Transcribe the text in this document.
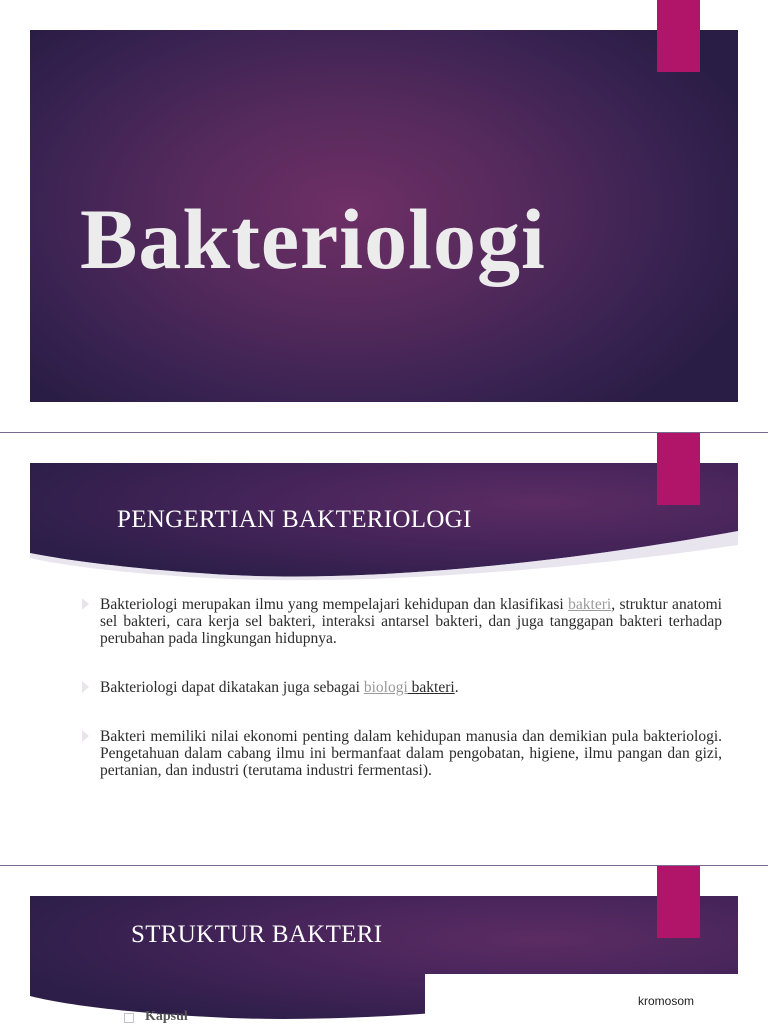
Bakteriologi
PENGERTIAN BAKTERIOLOGI
Bakteriologi merupakan ilmu yang mempelajari kehidupan dan klasifikasi bakteri, struktur anatomi sel bakteri, cara kerja sel bakteri, interaksi antarsel bakteri, dan juga tanggapan bakteri terhadap perubahan pada lingkungan hidupnya.
Bakteriologi dapat dikatakan juga sebagai biologi bakteri.
Bakteri memiliki nilai ekonomi penting dalam kehidupan manusia dan demikian pula bakteriologi. Pengetahuan dalam cabang ilmu ini bermanfaat dalam pengobatan, higiene, ilmu pangan dan gizi, pertanian, dan industri (terutama industri fermentasi).
STRUKTUR BAKTERI
kromosom
Kapsul
